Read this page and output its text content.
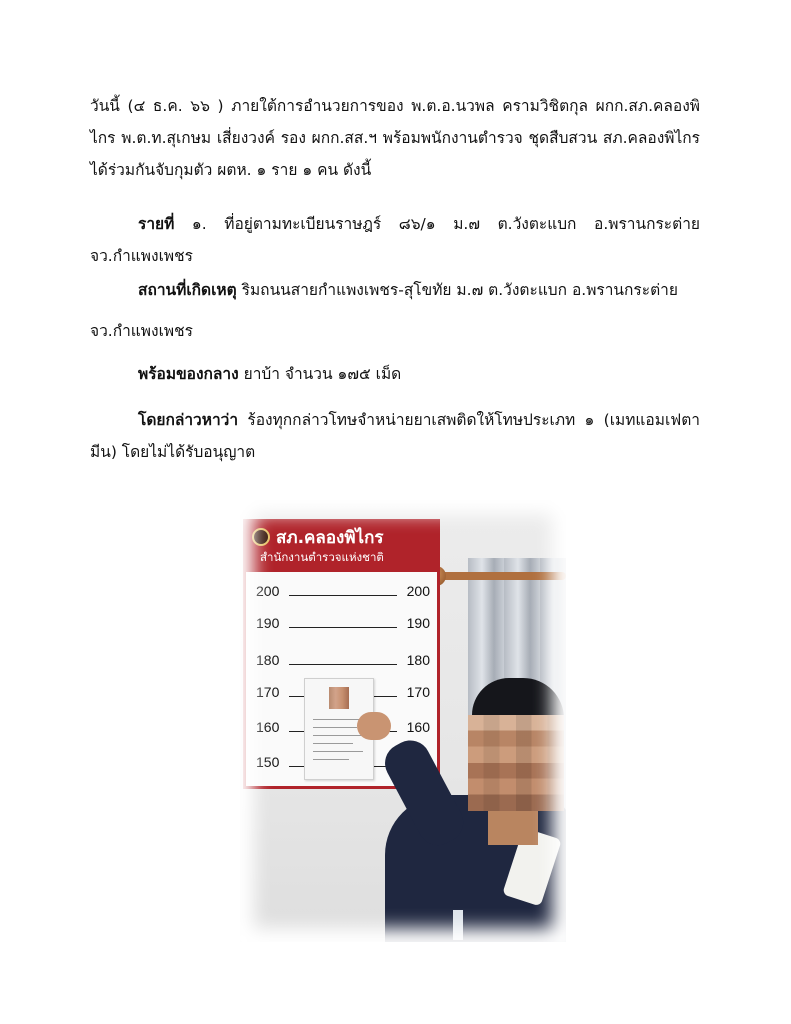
วันนี้ (๔ ธ.ค. ๖๖ ) ภายใต้การอำนวยการของ พ.ต.อ.นวพล ครามวิชิตกุล ผกก.สภ.คลองพิไกร พ.ต.ท.สุเกษม เสี่ยงวงค์ รอง ผกก.สส.ฯ พร้อมพนักงานตำรวจ ชุดสืบสวน สภ.คลองพิไกร ได้ร่วมกันจับกุมตัว ผตห. ๑ ราย ๑ คน ดังนี้

รายที่ ๑. ที่อยู่ตามทะเบียนราษฎร์ ๘๖/๑ ม.๗ ต.วังตะแบก อ.พรานกระต่าย จว.กำแพงเพชร

สถานที่เกิดเหตุ ริมถนนสายกำแพงเพชร-สุโขทัย ม.๗ ต.วังตะแบก อ.พรานกระต่าย

จว.กำแพงเพชร

พร้อมของกลาง ยาบ้า จำนวน ๑๗๕ เม็ด

โดยกล่าวหาว่า ร้องทุกกล่าวโทษจำหน่ายยาเสพติดให้โทษประเภท ๑ (เมทแอมเฟตามีน) โดยไม่ได้รับอนุญาต

สภ.คลองพิไกร
สำนักงานตำรวจแห่งชาติ
200	200
190	190
180	180
170	170
160	160
150
